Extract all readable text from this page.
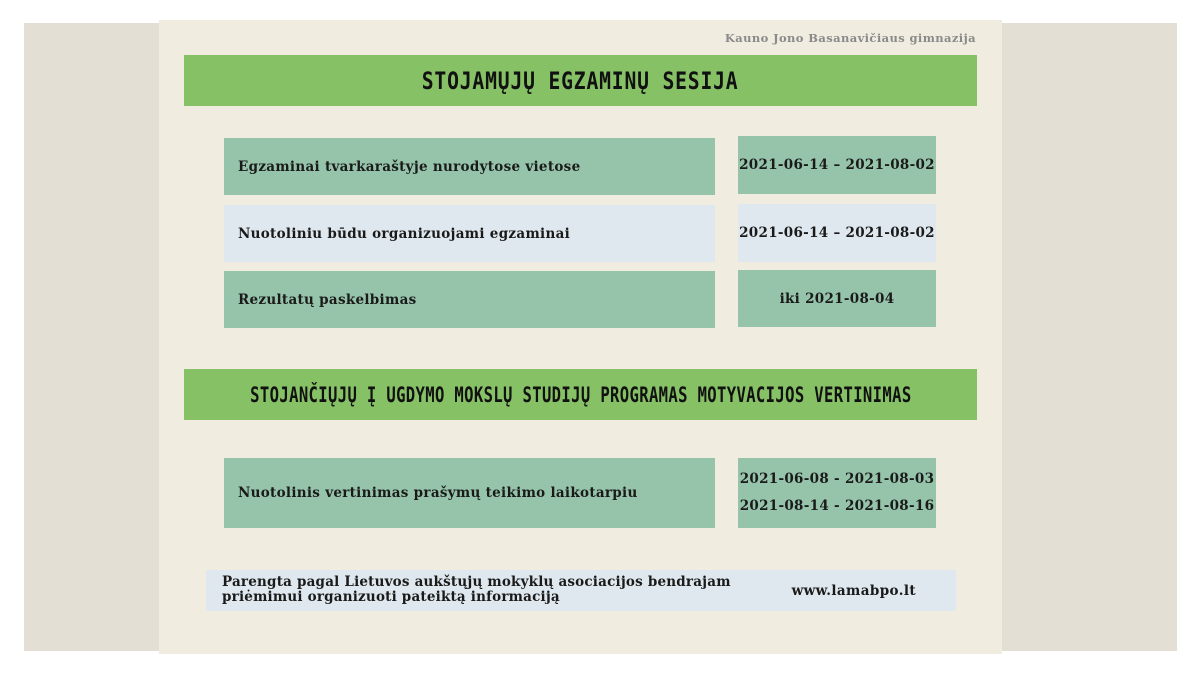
Kauno Jono Basanavičiaus gimnazija
STOJAMŲJŲ EGZAMINŲ SESIJA
Egzaminai tvarkaraštyje nurodytose vietose	2021-06-14 – 2021-08-02
Nuotoliniu būdu organizuojami egzaminai	2021-06-14 – 2021-08-02
Rezultatų paskelbimas	iki 2021-08-04
STOJANČIŲJŲ Į UGDYMO MOKSLŲ STUDIJŲ PROGRAMAS MOTYVACIJOS VERTINIMAS
Nuotolinis vertinimas prašymų teikimo laikotarpiu
2021-06-08 - 2021-08-03
2021-08-14 - 2021-08-16
Parengta pagal Lietuvos aukštųjų mokyklų asociacijos bendrajam
priėmimui organizuoti pateiktą informaciją	www.lamabpo.lt
